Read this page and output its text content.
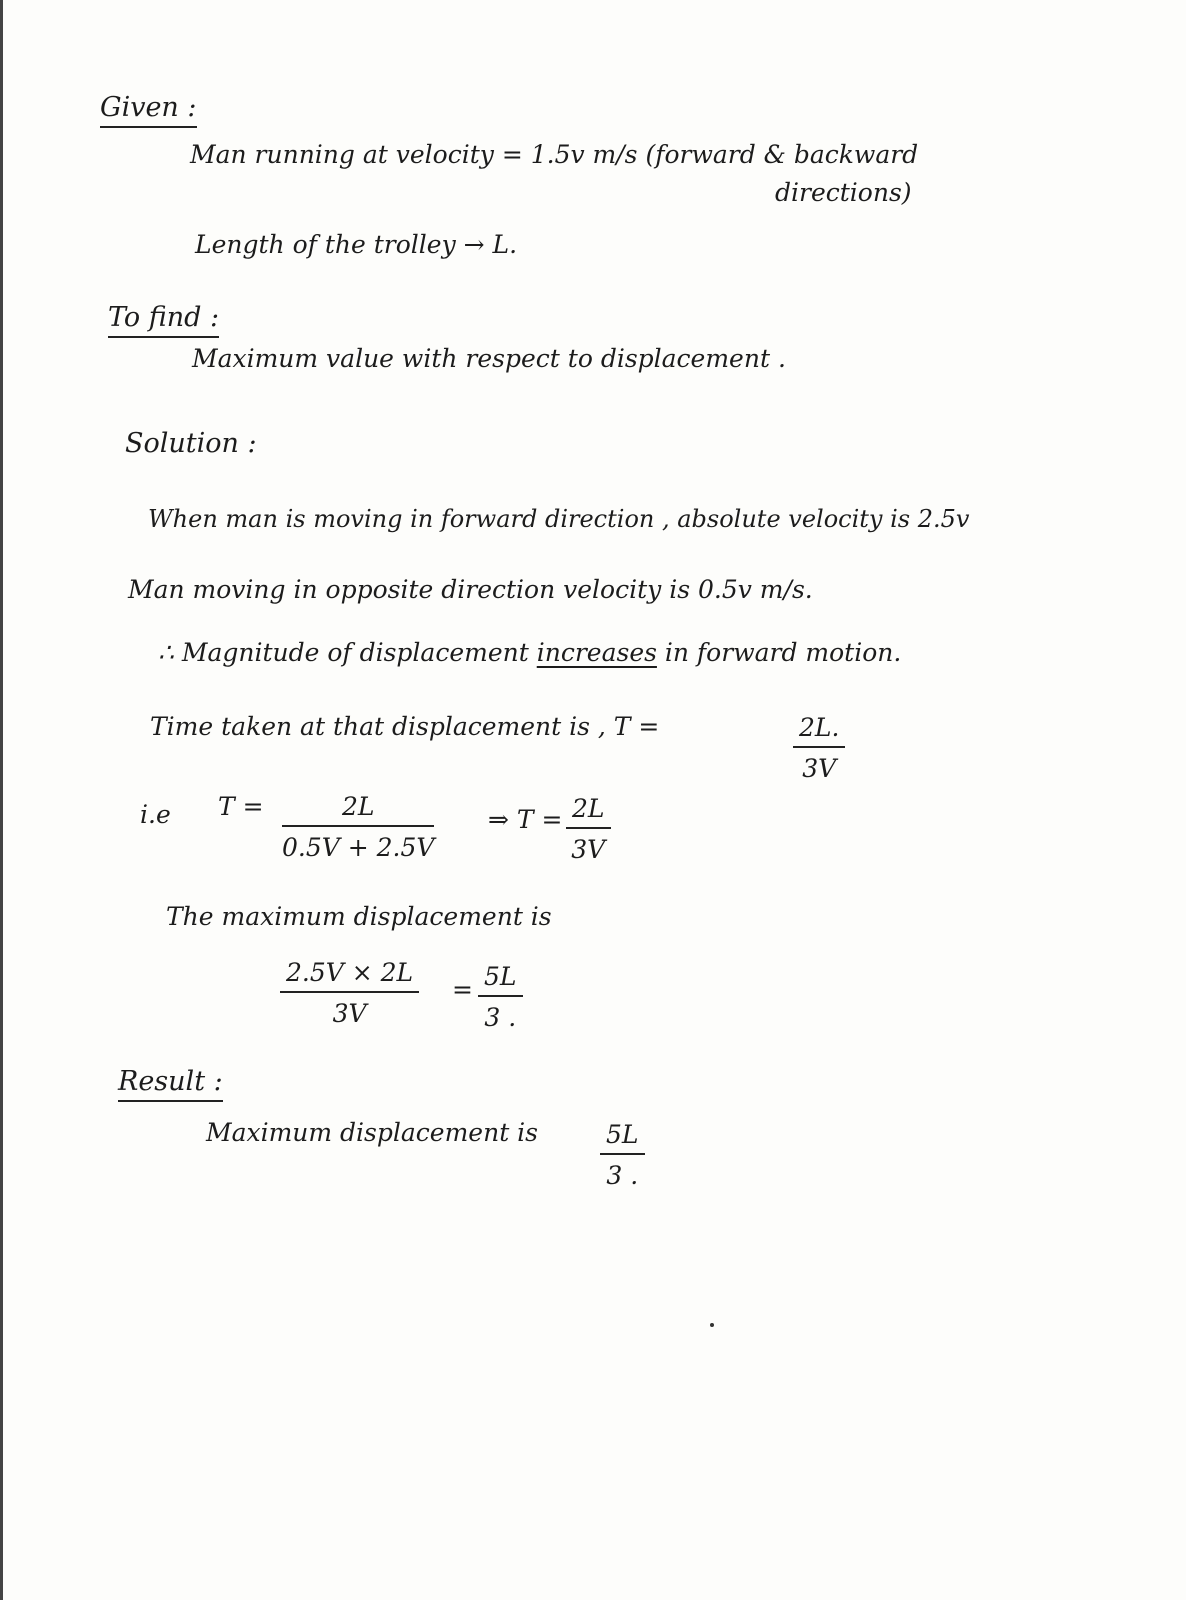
Given :
Man running at velocity = 1.5v m/s (forward & backward
directions)
Length of the trolley → L.
To find :
Maximum value with respect to displacement .
Solution :
When man is moving in forward direction , absolute velocity is 2.5v
Man moving in opposite direction velocity is 0.5v m/s.
∴ Magnitude of displacement increases in forward motion.
Time taken at that displacement is , T =	2L.
3V
i.e T =	2L
0.5V + 2.5V
⇒ T = 2L
3V
The maximum displacement is
2.5V × 2L
3V
= 5L
3 .
Result :
Maximum displacement is	5L
3 .
